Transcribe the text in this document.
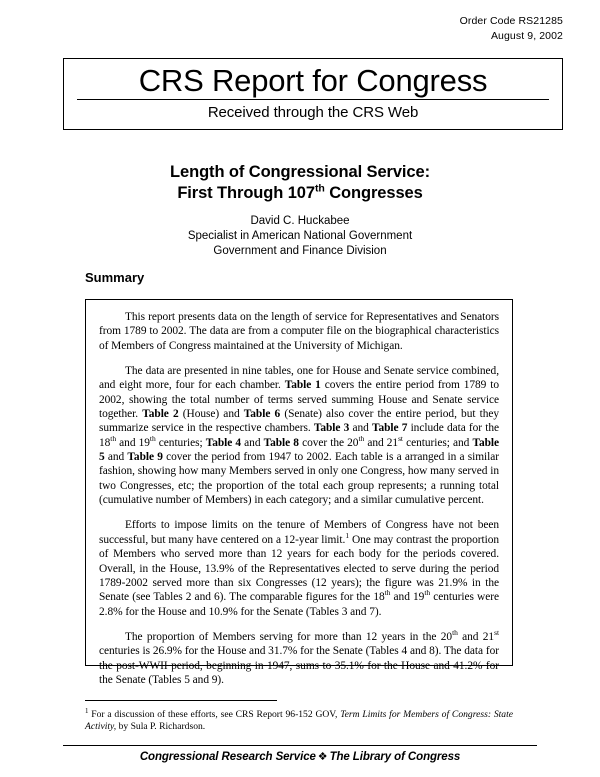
Order Code RS21285
August 9, 2002
CRS Report for Congress
Received through the CRS Web
Length of Congressional Service:
First Through 107th Congresses
David C. Huckabee
Specialist in American National Government
Government and Finance Division
Summary

This report presents data on the length of service for Representatives and Senators from 1789 to 2002. The data are from a computer file on the biographical characteristics of Members of Congress maintained at the University of Michigan.

The data are presented in nine tables, one for House and Senate service combined, and eight more, four for each chamber. Table 1 covers the entire period from 1789 to 2002, showing the total number of terms served summing House and Senate service together. Table 2 (House) and Table 6 (Senate) also cover the entire period, but they summarize service in the respective chambers. Table 3 and Table 7 include data for the 18th and 19th centuries; Table 4 and Table 8 cover the 20th and 21st centuries; and Table 5 and Table 9 cover the period from 1947 to 2002. Each table is a arranged in a similar fashion, showing how many Members served in only one Congress, how many served in two Congresses, etc; the proportion of the total each group represents; a running total (cumulative number of Members) in each category; and a similar cumulative percent.

Efforts to impose limits on the tenure of Members of Congress have not been successful, but many have centered on a 12-year limit.$^1$ One may contrast the proportion of Members who served more than 12 years for each body for the periods covered. Overall, in the House, 13.9% of the Representatives elected to serve during the period 1789-2002 served more than six Congresses (12 years); the figure was 21.9% in the Senate (see Tables 2 and 6). The comparable figures for the 18th and 19th centuries were 2.8% for the House and 10.9% for the Senate (Tables 3 and 7).

The proportion of Members serving for more than 12 years in the 20th and 21st centuries is 26.9% for the House and 31.7% for the Senate (Tables 4 and 8). The data for the post-WWII period, beginning in 1947, sums to 35.1% for the House and 41.2% for the Senate (Tables 5 and 9).

$^1$ For a discussion of these efforts, see CRS Report 96-152 GOV, Term Limits for Members of Congress: State Activity, by Sula P. Richardson.
Congressional Research Service ❖ The Library of Congress
